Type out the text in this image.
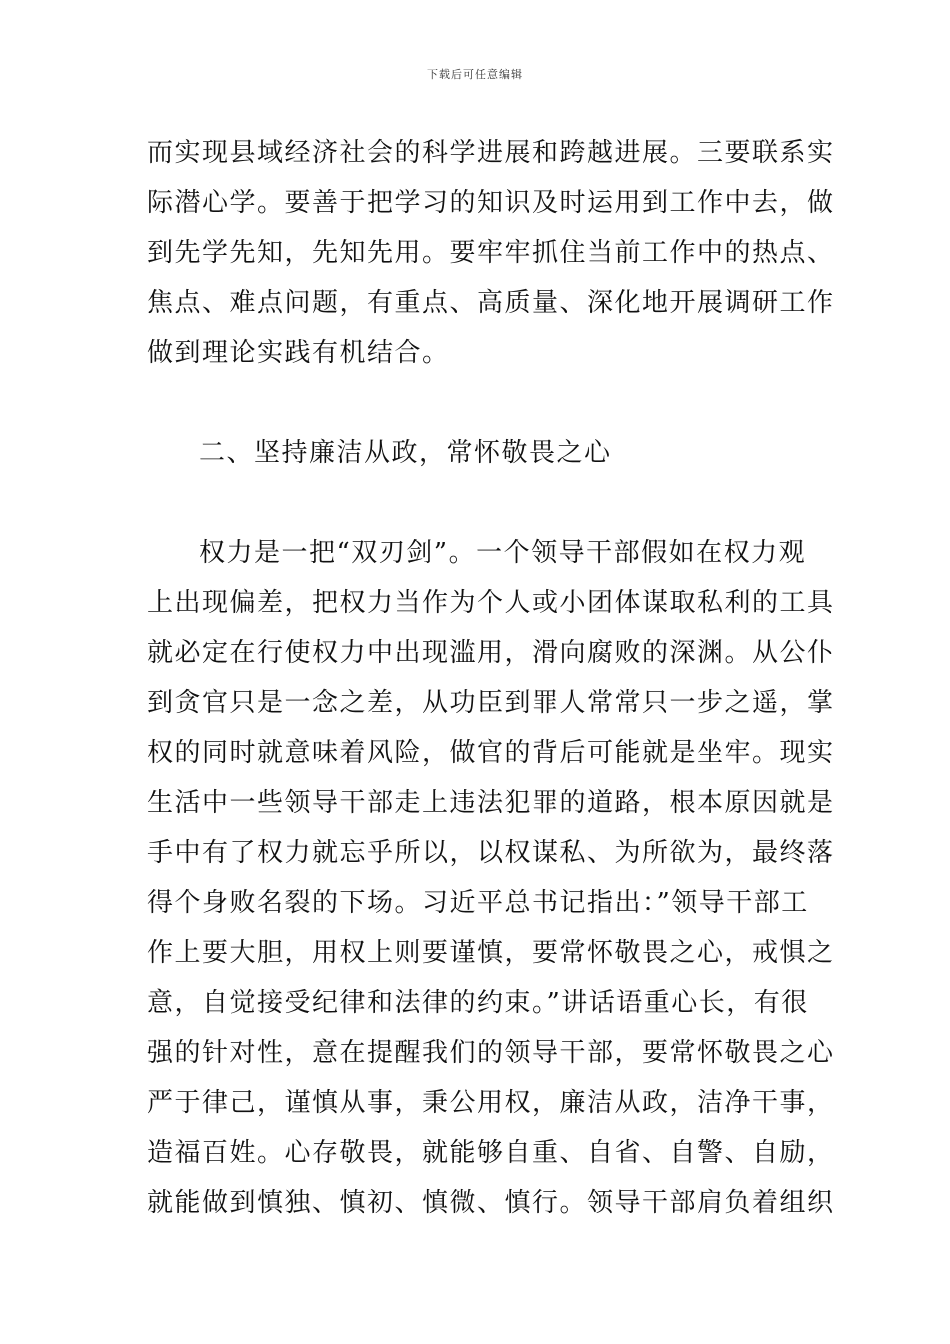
下载后可任意编辑
而实现县域经济社会的科学进展和跨越进展。三要联系实
际潜心学。要善于把学习的知识及时运用到工作中去，做
到先学先知，先知先用。要牢牢抓住当前工作中的热点、
焦点、难点问题，有重点、高质量、深化地开展调研工作
做到理论实践有机结合。
二、坚持廉洁从政，常怀敬畏之心
权力是一把“双刃剑”。一个领导干部假如在权力观
上出现偏差，把权力当作为个人或小团体谋取私利的工具
就必定在行使权力中出现滥用，滑向腐败的深渊。从公仆
到贪官只是一念之差，从功臣到罪人常常只一步之遥，掌
权的同时就意味着风险，做官的背后可能就是坐牢。现实
生活中一些领导干部走上违法犯罪的道路，根本原因就是
手中有了权力就忘乎所以，以权谋私、为所欲为，最终落
得个身败名裂的下场。习近平总书记指出：”领导干部工
作上要大胆，用权上则要谨慎，要常怀敬畏之心，戒惧之
意，自觉接受纪律和法律的约束。”讲话语重心长，有很
强的针对性，意在提醒我们的领导干部，要常怀敬畏之心
严于律己，谨慎从事，秉公用权，廉洁从政，洁净干事，
造福百姓。心存敬畏，就能够自重、自省、自警、自励，
就能做到慎独、慎初、慎微、慎行。领导干部肩负着组织
